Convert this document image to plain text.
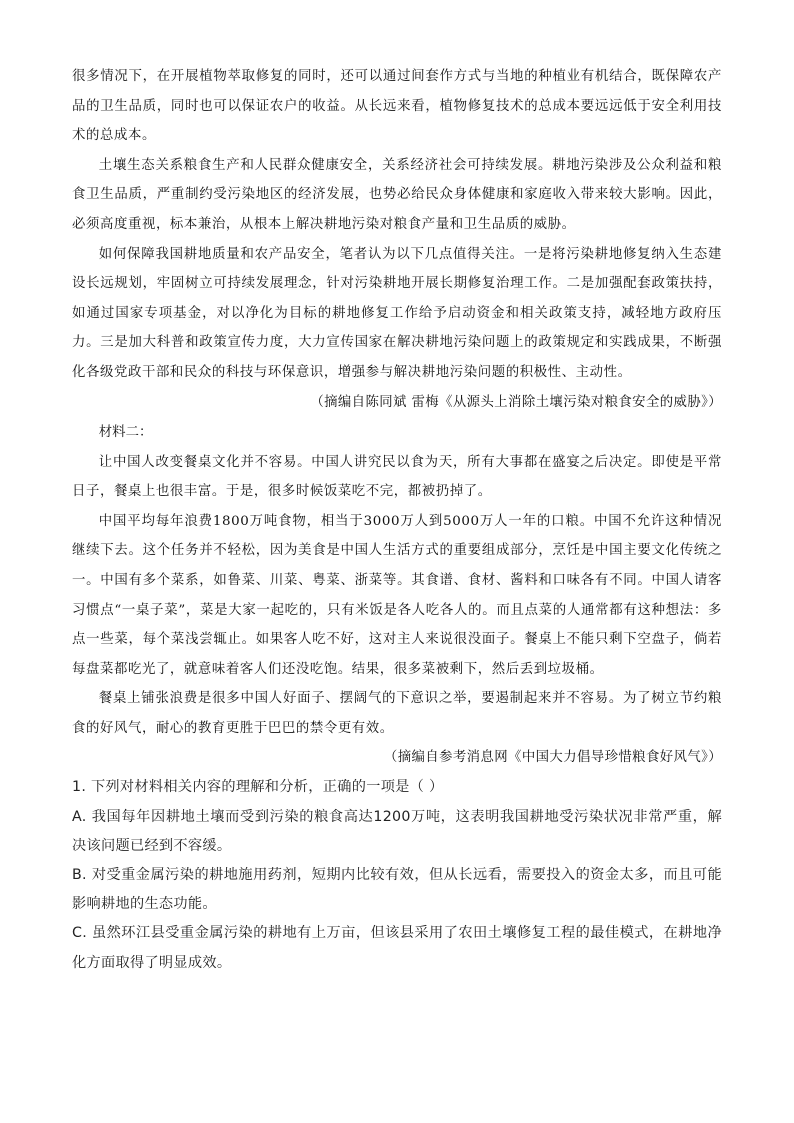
很多情况下，在开展植物萃取修复的同时，还可以通过间套作方式与当地的种植业有机结合，既保障农产品的卫生品质，同时也可以保证农户的收益。从长远来看，植物修复技术的总成本要远远低于安全利用技术的总成本。

土壤生态关系粮食生产和人民群众健康安全，关系经济社会可持续发展。耕地污染涉及公众利益和粮食卫生品质，严重制约受污染地区的经济发展，也势必给民众身体健康和家庭收入带来较大影响。因此，必须高度重视，标本兼治，从根本上解决耕地污染对粮食产量和卫生品质的威胁。

如何保障我国耕地质量和农产品安全，笔者认为以下几点值得关注。一是将污染耕地修复纳入生态建设长远规划，牢固树立可持续发展理念，针对污染耕地开展长期修复治理工作。二是加强配套政策扶持，如通过国家专项基金，对以净化为目标的耕地修复工作给予启动资金和相关政策支持，减轻地方政府压力。三是加大科普和政策宣传力度，大力宣传国家在解决耕地污染问题上的政策规定和实践成果，不断强化各级党政干部和民众的科技与环保意识，增强参与解决耕地污染问题的积极性、主动性。

（摘编自陈同斌 雷梅《从源头上消除土壤污染对粮食安全的威胁》）

材料二：

让中国人改变餐桌文化并不容易。中国人讲究民以食为天，所有大事都在盛宴之后决定。即使是平常日子，餐桌上也很丰富。于是，很多时候饭菜吃不完，都被扔掉了。

中国平均每年浪费1800万吨食物，相当于3000万人到5000万人一年的口粮。中国不允许这种情况继续下去。这个任务并不轻松，因为美食是中国人生活方式的重要组成部分，烹饪是中国主要文化传统之一。中国有多个菜系，如鲁菜、川菜、粤菜、浙菜等。其食谱、食材、酱料和口味各有不同。中国人请客习惯点“一桌子菜”，菜是大家一起吃的，只有米饭是各人吃各人的。而且点菜的人通常都有这种想法：多点一些菜，每个菜浅尝辄止。如果客人吃不好，这对主人来说很没面子。餐桌上不能只剩下空盘子，倘若每盘菜都吃光了，就意味着客人们还没吃饱。结果，很多菜被剩下，然后丢到垃圾桶。

餐桌上铺张浪费是很多中国人好面子、摆阔气的下意识之举，要遏制起来并不容易。为了树立节约粮食的好风气，耐心的教育更胜于巴巴的禁令更有效。

（摘编自参考消息网《中国大力倡导珍惜粮食好风气》）

1. 下列对材料相关内容的理解和分析，正确的一项是（ ）

A. 我国每年因耕地土壤而受到污染的粮食高达1200万吨，这表明我国耕地受污染状况非常严重，解决该问题已经到不容缓。

B. 对受重金属污染的耕地施用药剂，短期内比较有效，但从长远看，需要投入的资金太多，而且可能影响耕地的生态功能。

C. 虽然环江县受重金属污染的耕地有上万亩，但该县采用了农田土壤修复工程的最佳模式，在耕地净化方面取得了明显成效。
